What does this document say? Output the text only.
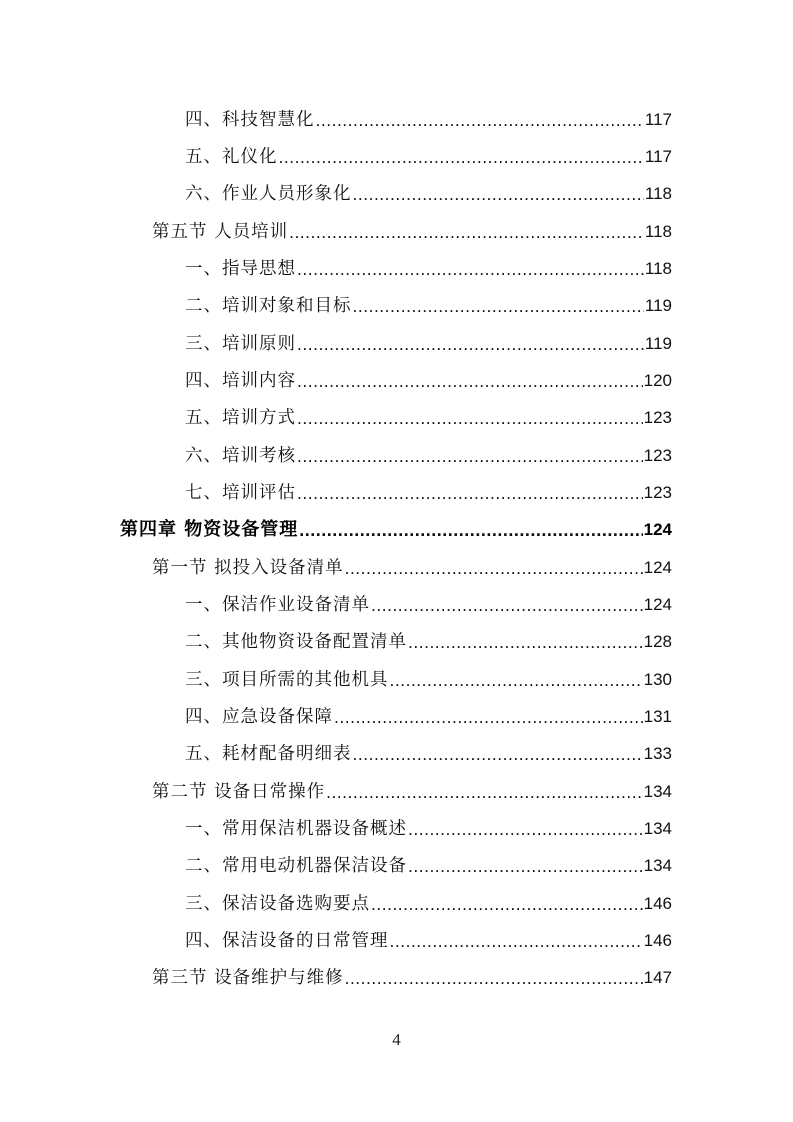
四、科技智慧化 .....	117
五、礼仪化 .....	117
六、作业人员形象化 .....	118
第五节 人员培训 .....	118
一、指导思想 .....	118
二、培训对象和目标 .....	119
三、培训原则 .....	119
四、培训内容 .....	120
五、培训方式 .....	123
六、培训考核 .....	123
七、培训评估 .....	123
第四章 物资设备管理 .....	124
第一节 拟投入设备清单 .....	124
一、保洁作业设备清单 .....	124
二、其他物资设备配置清单 .....	128
三、项目所需的其他机具 .....	130
四、应急设备保障 .....	131
五、耗材配备明细表 .....	133
第二节 设备日常操作 .....	134
一、常用保洁机器设备概述 .....	134
二、常用电动机器保洁设备 .....	134
三、保洁设备选购要点 .....	146
四、保洁设备的日常管理 .....	146
第三节 设备维护与维修 .....	147
4
